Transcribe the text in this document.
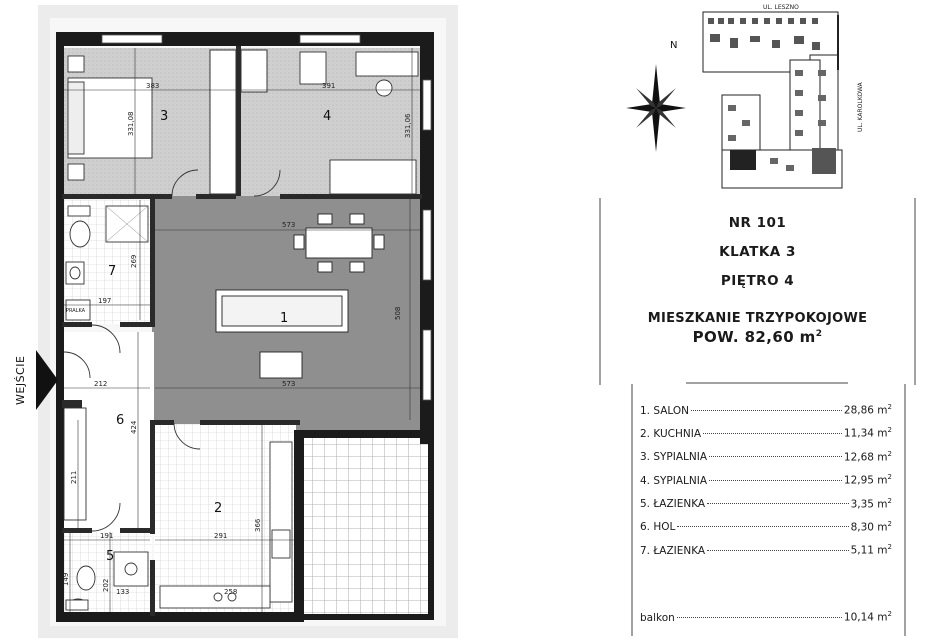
3	4
1
7
6
2
5
383	391
331,08	331,06
573
573
508
269
197
212
424
211
291
366
191
149	202 133	258
PRALKA
WEJŚCIE
UL. LESZNO
UL. KAROLKOWA
N
NR 101
KLATKA 3
PIĘTRO 4
MIESZKANIE TRZYPOKOJOWE
POW. 82,60 $m^2$
1. SALON	28,86 $m^2$
2. KUCHNIA	11,34 $m^2$
3. SYPIALNIA	12,68 $m^2$
4. SYPIALNIA	12,95 $m^2$
5. ŁAZIENKA	3,35 $m^2$
6. HOL	8,30 $m^2$
7. ŁAZIENKA	5,11 $m^2$
balkon	10,14 $m^2$
